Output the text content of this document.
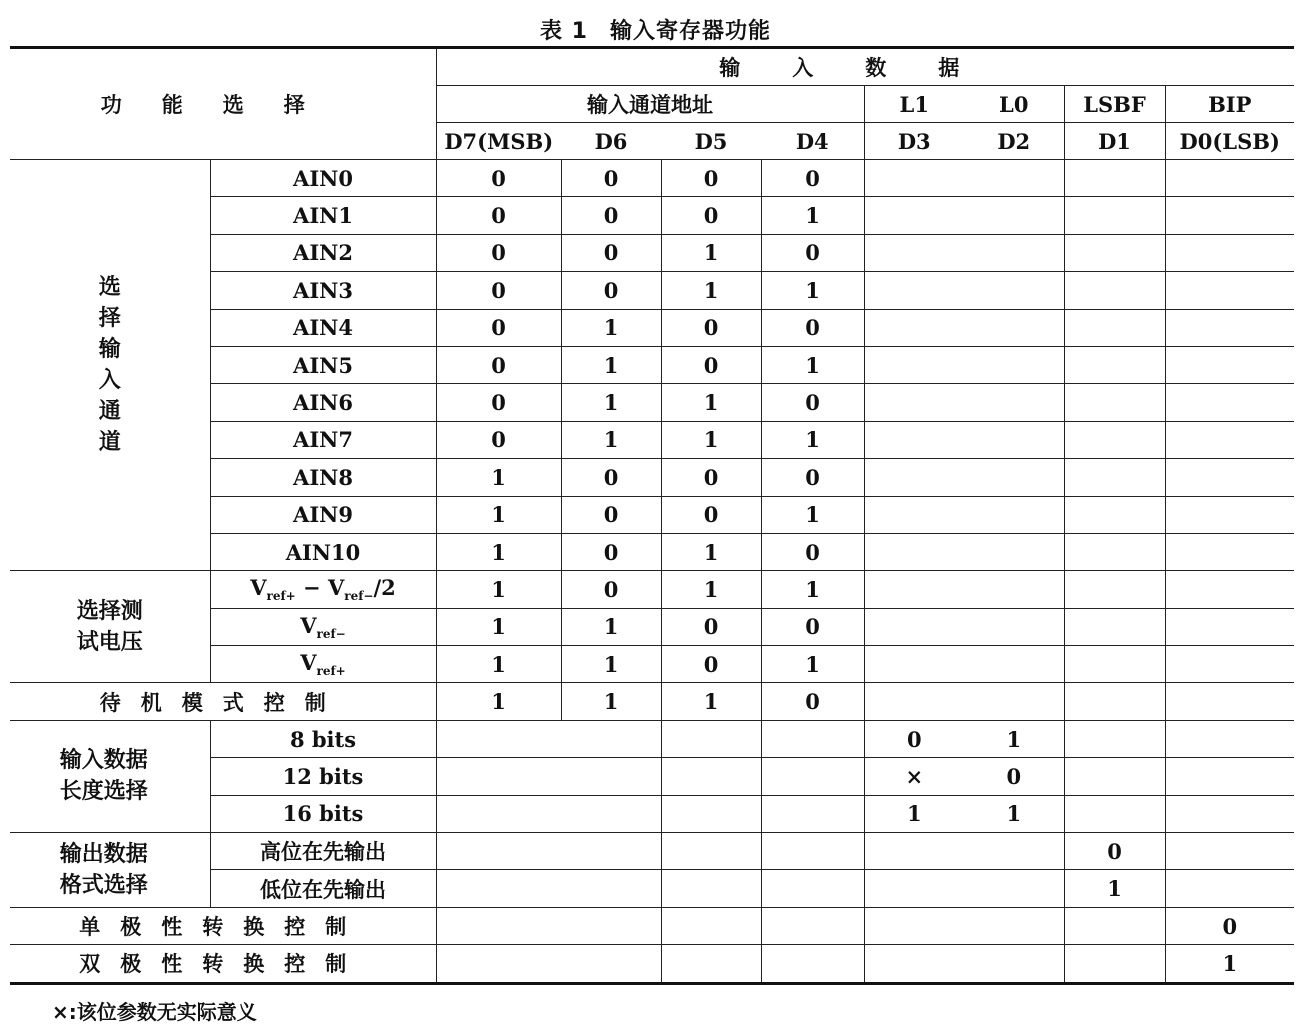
表 1 输入寄存器功能
功能选择		输入数据							
		输入通道地址				L1	L0	LSBF	BIP
		D7(MSB)	D6	D5	D4	D3	D2	D1	D0(LSB)
选择输入通道	AIN0	0	0	0	0				
	AIN1	0	0	0	1				
	AIN2	0	0	1	0				
	AIN3	0	0	1	1				
	AIN4	0	1	0	0				
	AIN5	0	1	0	1				
	AIN6	0	1	1	0				
	AIN7	0	1	1	1				
	AIN8	1	0	0	0				
	AIN9	1	0	0	1				
	AIN10	1	0	1	0				
选择测试电压	$V_{ref+} - V_{ref-}/2$	1	0	1	1				
	$V_{ref-}$	1	1	0	0				
	$V_{ref+}$	1	1	0	1				
待机模式控制		1	1	1	0				
输入数据长度选择	8 bits					0	1		
	12 bits					×	0		
	16 bits					1	1		
输出数据格式选择	高位在先输出							0	
	低位在先输出							1	
单极性转换控制									0
双极性转换控制									1
×:该位参数无实际意义
